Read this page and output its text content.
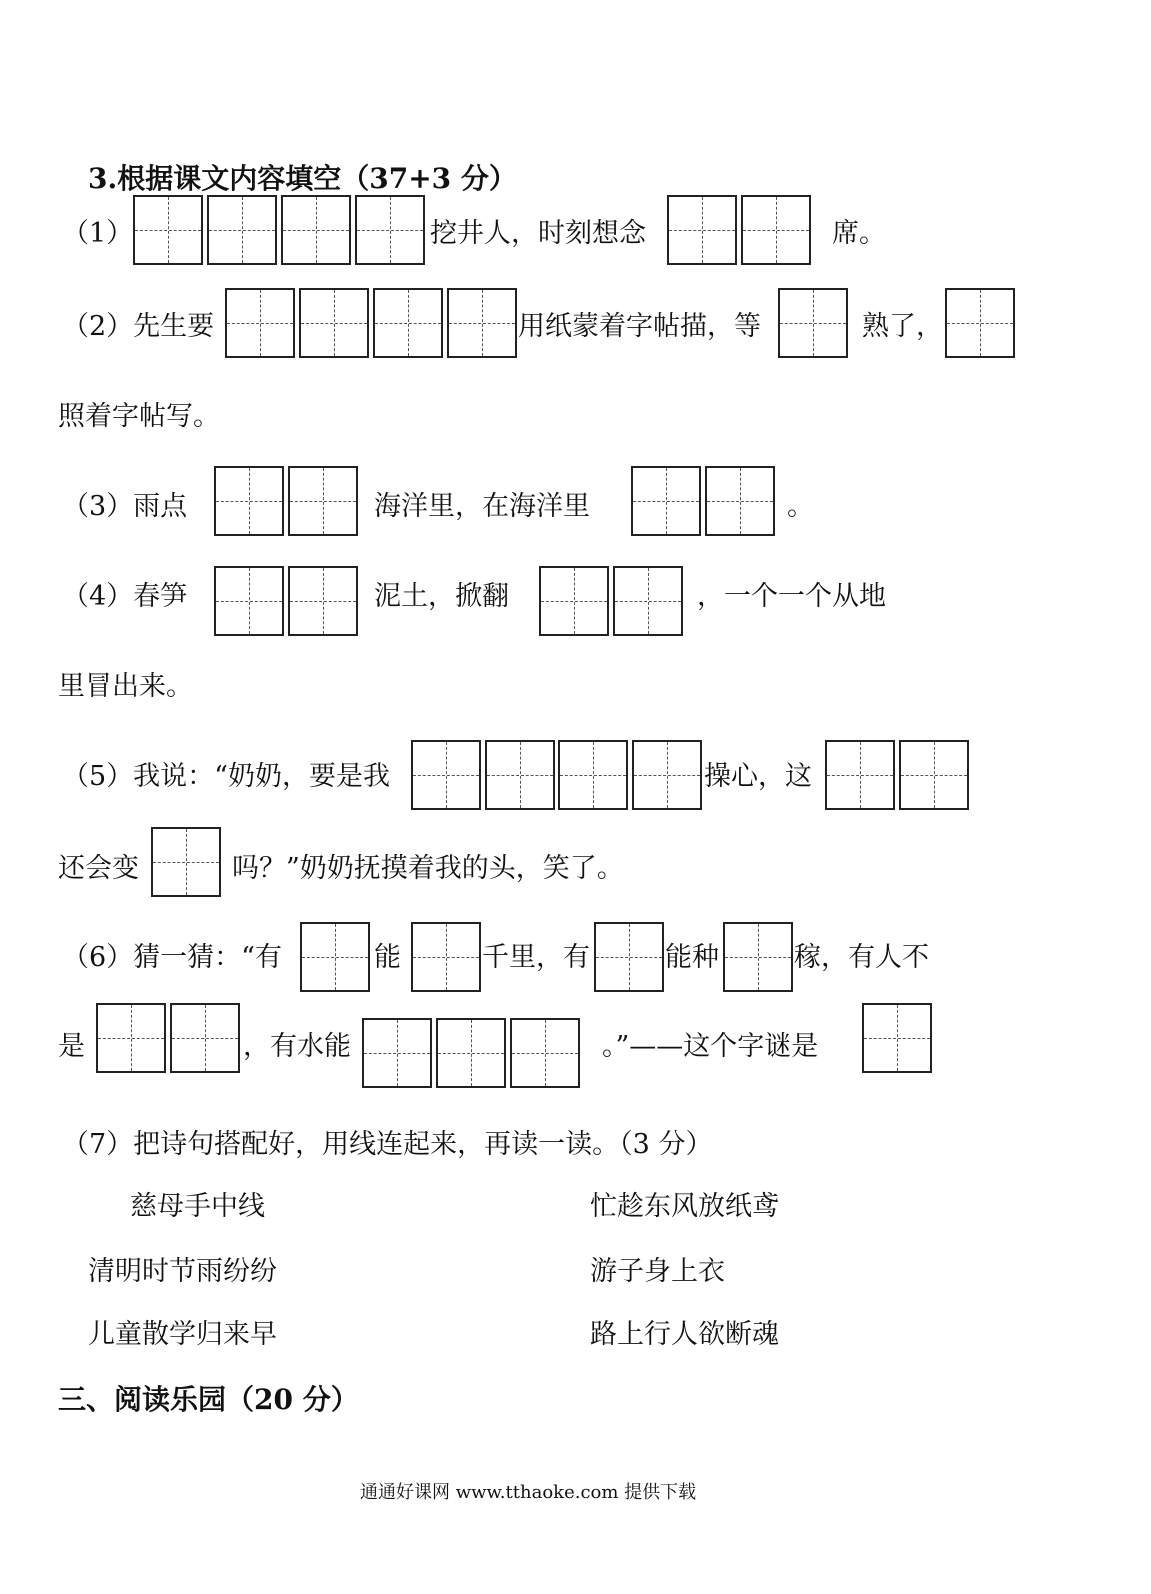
3.根据课文内容填空（37+3 分）
（1）	挖井人，时刻想念	席。
（2）先生要	用纸蒙着字帖描，等	熟了，
照着字帖写。
（3）雨点	海洋里，在海洋里	。
（4）春笋	泥土，掀翻	，一个一个从地
里冒出来。
（5）我说：“奶奶，要是我	操心，这
还会变	吗？”奶奶抚摸着我的头，笑了。
（6）猜一猜：“有	能	千里，有	能种	稼，有人不
是	，有水能	。”——这个字谜是
（7）把诗句搭配好，用线连起来，再读一读。（3 分）
慈母手中线
清明时节雨纷纷
儿童散学归来早
忙趁东风放纸鸢
游子身上衣
路上行人欲断魂
三、阅读乐园（20 分）
通通好课网 www.tthaoke.com 提供下载
